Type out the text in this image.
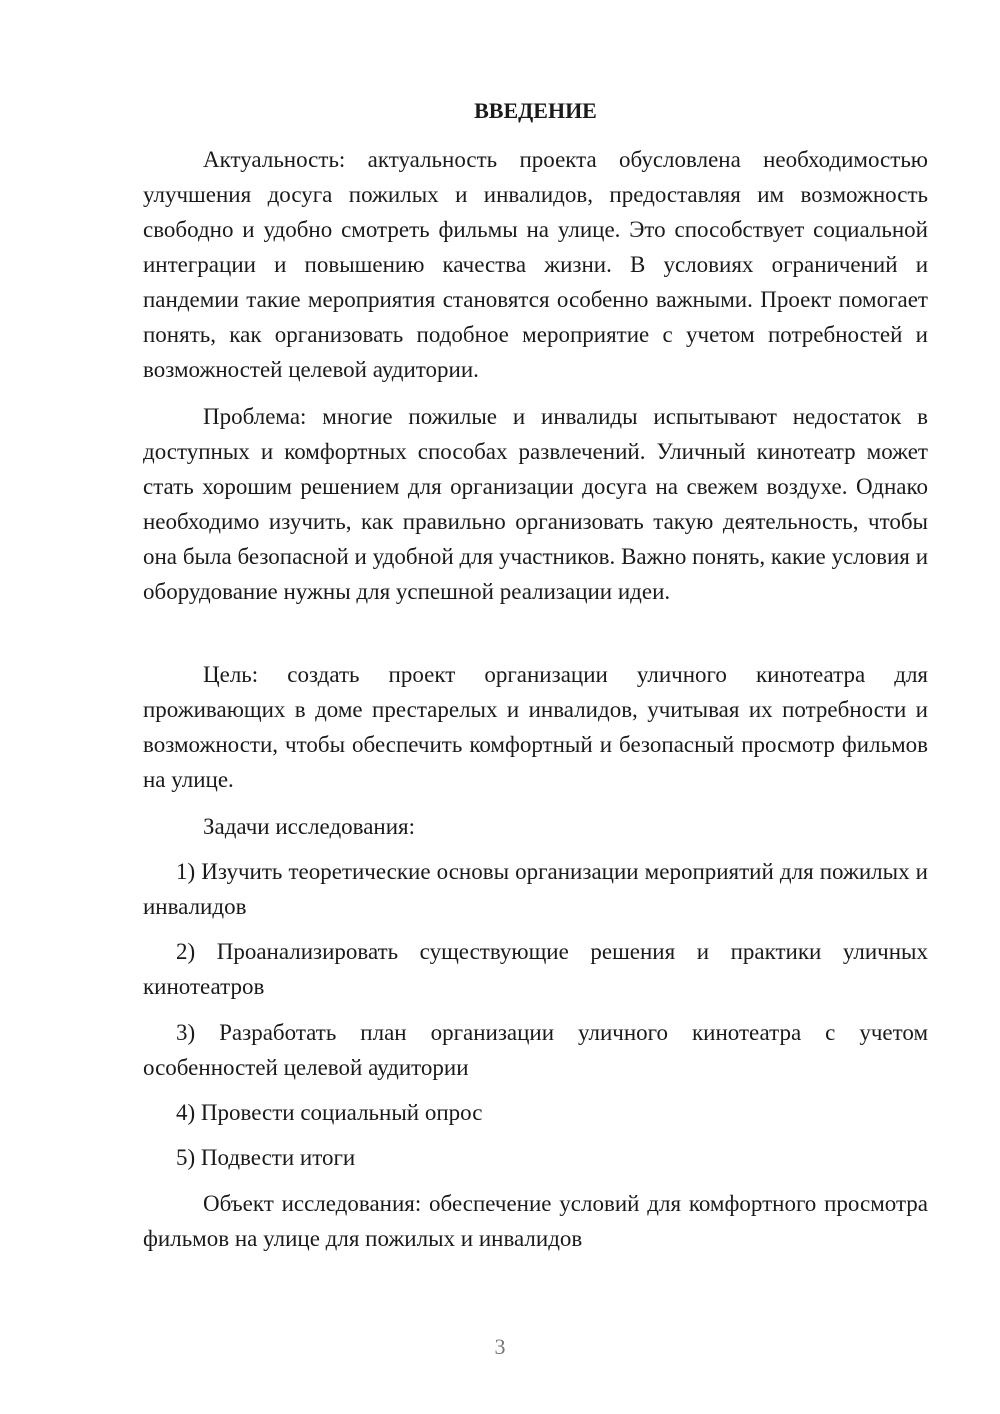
ВВЕДЕНИЕ

Актуальность: актуальность проекта обусловлена необходимостью улучшения досуга пожилых и инвалидов, предоставляя им возможность свободно и удобно смотреть фильмы на улице. Это способствует социальной интеграции и повышению качества жизни. В условиях ограничений и пандемии такие мероприятия становятся особенно важными. Проект помогает понять, как организовать подобное мероприятие с учетом потребностей и возможностей целевой аудитории.

Проблема: многие пожилые и инвалиды испытывают недостаток в доступных и комфортных способах развлечений. Уличный кинотеатр может стать хорошим решением для организации досуга на свежем воздухе. Однако необходимо изучить, как правильно организовать такую деятельность, чтобы она была безопасной и удобной для участников. Важно понять, какие условия и оборудование нужны для успешной реализации идеи.

Цель: создать проект организации уличного кинотеатра для проживающих в доме престарелых и инвалидов, учитывая их потребности и возможности, чтобы обеспечить комфортный и безопасный просмотр фильмов на улице.

Задачи исследования:

1) Изучить теоретические основы организации мероприятий для пожилых и инвалидов

2) Проанализировать существующие решения и практики уличных кинотеатров

3) Разработать план организации уличного кинотеатра с учетом особенностей целевой аудитории

4) Провести социальный опрос

5) Подвести итоги

Объект исследования: обеспечение условий для комфортного просмотра фильмов на улице для пожилых и инвалидов

3
